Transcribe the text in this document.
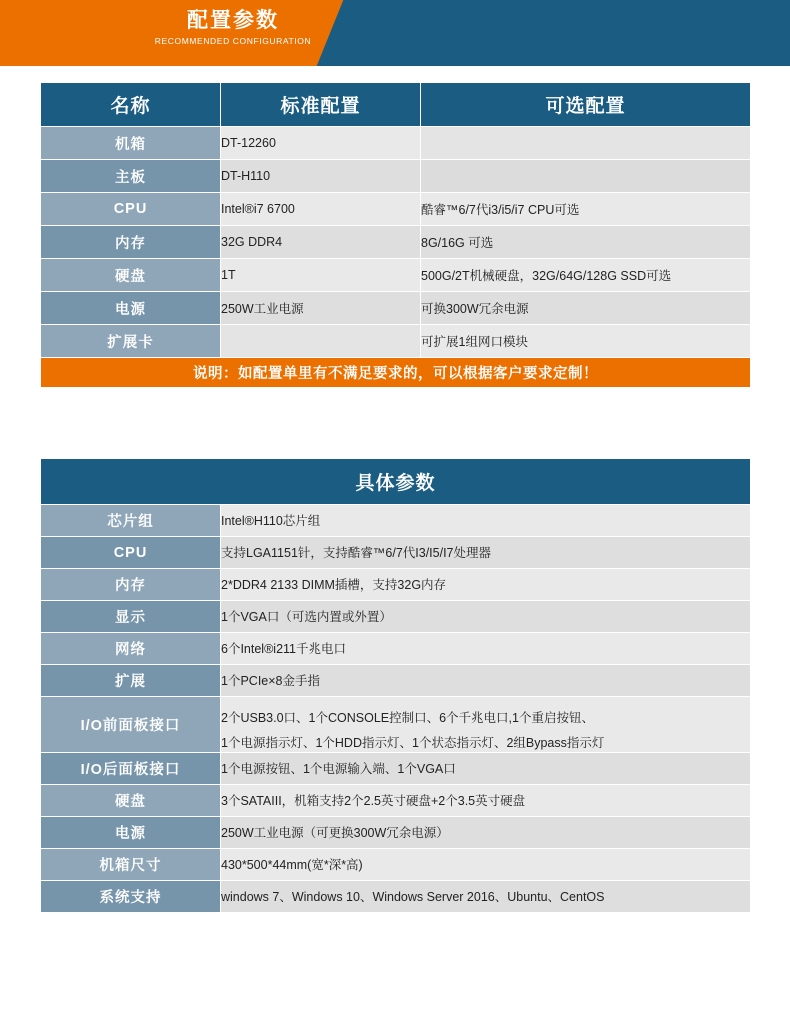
配置参数
RECOMMENDED CONFIGURATION
名称	标准配置	可选配置
机箱	DT-12260	
主板	DT-H110	
CPU	Intel®i7 6700	酷睿™6/7代i3/i5/i7 CPU可选
内存	32G DDR4	8G/16G 可选
硬盘	1T	500G/2T机械硬盘，32G/64G/128G SSD可选
电源	250W工业电源	可换300W冗余电源
扩展卡		可扩展1组网口模块
说明：如配置单里有不满足要求的，可以根据客户要求定制！		
具体参数	
芯片组	Intel®H110芯片组
CPU	支持LGA1151针，支持酷睿™6/7代I3/I5/I7处理器
内存	2*DDR4 2133 DIMM插槽，支持32G内存
显示	1个VGA口（可选内置或外置）
网络	6个Intel®i211千兆电口
扩展	1个PCIe×8金手指
I/O前面板接口	2个USB3.0口、1个CONSOLE控制口、6个千兆电口,1个重启按钮、
1个电源指示灯、1个HDD指示灯、1个状态指示灯、2组Bypass指示灯

I/O后面板接口	1个电源按钮、1个电源输入端、1个VGA口
硬盘	3个SATAIII，机箱支持2个2.5英寸硬盘+2个3.5英寸硬盘
电源	250W工业电源（可更换300W冗余电源）
机箱尺寸	430*500*44mm(宽*深*高)
系统支持	windows 7、Windows 10、Windows Server 2016、Ubuntu、CentOS
